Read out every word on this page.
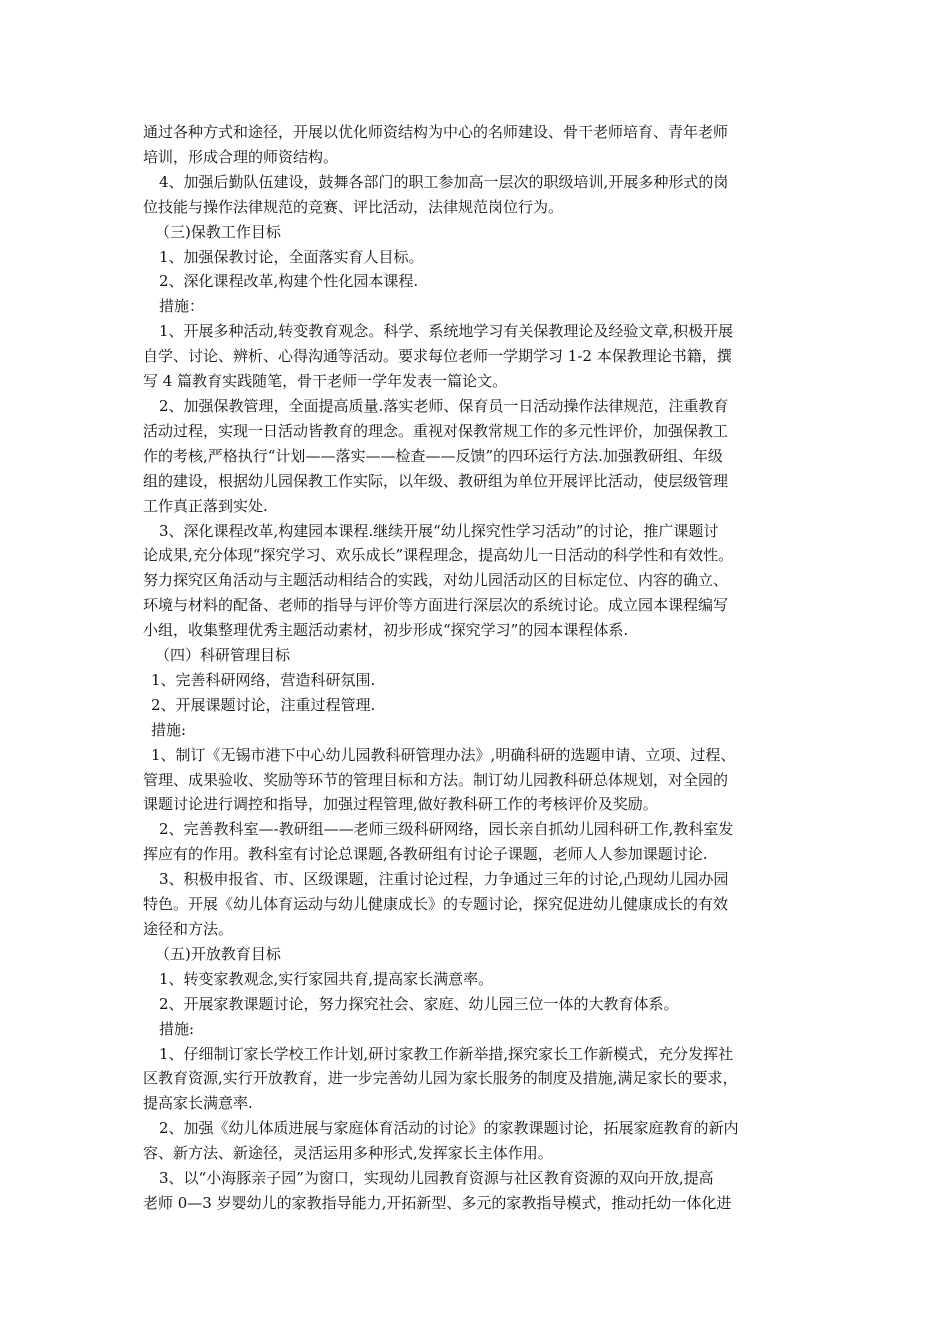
通过各种方式和途径，开展以优化师资结构为中心的名师建设、骨干老师培育、青年老师

培训，形成合理的师资结构。

4、加强后勤队伍建设，鼓舞各部门的职工参加高一层次的职级培训,开展多种形式的岗

位技能与操作法律规范的竞赛、评比活动，法律规范岗位行为。

（三)保教工作目标

1、加强保教讨论，全面落实育人目标。

2、深化课程改革,构建个性化园本课程.

措施：

1、开展多种活动,转变教育观念。科学、系统地学习有关保教理论及经验文章,积极开展

自学、讨论、辨析、心得沟通等活动。要求每位老师一学期学习 1-2 本保教理论书籍，撰

写 4 篇教育实践随笔，骨干老师一学年发表一篇论文。

2、加强保教管理，全面提高质量.落实老师、保育员一日活动操作法律规范，注重教育

活动过程，实现一日活动皆教育的理念。重视对保教常规工作的多元性评价，加强保教工

作的考核,严格执行“计划——落实——检查——反馈”的四环运行方法.加强教研组、年级

组的建设，根据幼儿园保教工作实际，以年级、教研组为单位开展评比活动，使层级管理

工作真正落到实处.

3、深化课程改革,构建园本课程.继续开展“幼儿探究性学习活动”的讨论，推广课题讨

论成果,充分体现“探究学习、欢乐成长”课程理念，提高幼儿一日活动的科学性和有效性。

努力探究区角活动与主题活动相结合的实践，对幼儿园活动区的目标定位、内容的确立、

环境与材料的配备、老师的指导与评价等方面进行深层次的系统讨论。成立园本课程编写

小组，收集整理优秀主题活动素材，初步形成“探究学习”的园本课程体系.

（四）科研管理目标

1、完善科研网络，营造科研氛围.

2、开展课题讨论，注重过程管理.

措施:

1、制订《无锡市港下中心幼儿园教科研管理办法》,明确科研的选题申请、立项、过程、

管理、成果验收、奖励等环节的管理目标和方法。制订幼儿园教科研总体规划，对全园的

课题讨论进行调控和指导，加强过程管理,做好教科研工作的考核评价及奖励。

2、完善教科室—-教研组——老师三级科研网络，园长亲自抓幼儿园科研工作,教科室发

挥应有的作用。教科室有讨论总课题,各教研组有讨论子课题，老师人人参加课题讨论.

3、积极申报省、市、区级课题，注重讨论过程，力争通过三年的讨论,凸现幼儿园办园

特色。开展《幼儿体育运动与幼儿健康成长》的专题讨论，探究促进幼儿健康成长的有效

途径和方法。

（五)开放教育目标

1、转变家教观念,实行家园共育,提高家长满意率。

2、开展家教课题讨论，努力探究社会、家庭、幼儿园三位一体的大教育体系。

措施:

1、仔细制订家长学校工作计划,研讨家教工作新举措,探究家长工作新模式，充分发挥社

区教育资源,实行开放教育，进一步完善幼儿园为家长服务的制度及措施,满足家长的要求，

提高家长满意率.

2、加强《幼儿体质进展与家庭体育活动的讨论》的家教课题讨论，拓展家庭教育的新内

容、新方法、新途径，灵活运用多种形式,发挥家长主体作用。

3、以“小海豚亲子园”为窗口，实现幼儿园教育资源与社区教育资源的双向开放,提高

老师 0—3 岁婴幼儿的家教指导能力,开拓新型、多元的家教指导模式，推动托幼一体化进
